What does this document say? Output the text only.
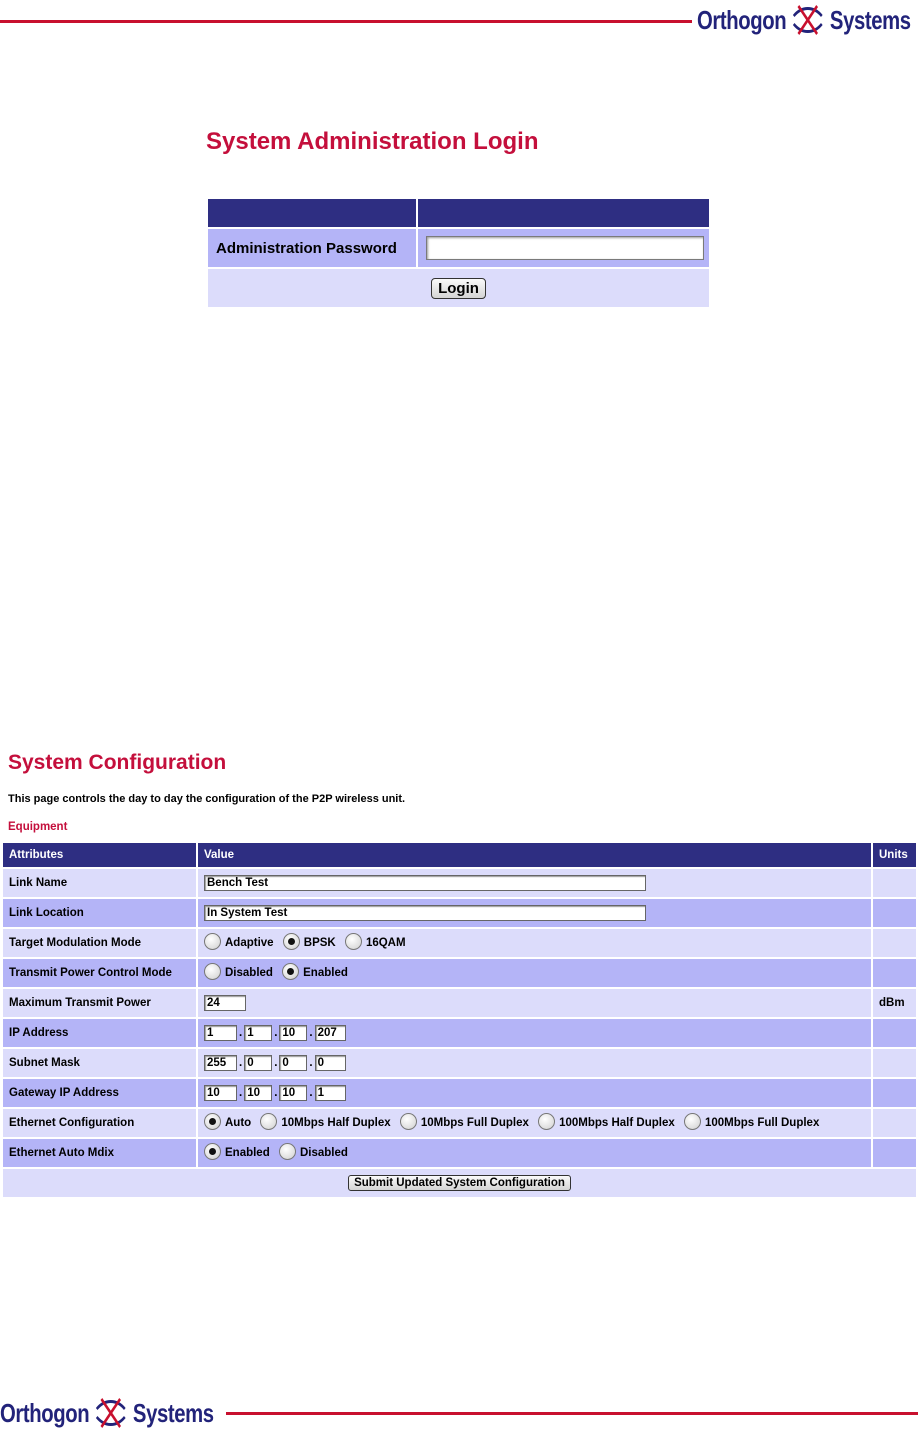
Orthogon Systems
System Administration Login

Administration Password	
Login	
System Configuration
This page controls the day to day the configuration of the P2P wireless unit.
Equipment
Attributes	Value	Units
Link Name	Bench Test	
Link Location	In System Test	
Target Modulation Mode	Adaptive BPSK 16QAM	
Transmit Power Control Mode	Disabled Enabled	
Maximum Transmit Power	24	dBm
IP Address	1.1 .10 .207	
Subnet Mask	255.0 .0 .0	
Gateway IP Address	10.10 .10 .1	
Ethernet Configuration	Auto 10Mbps Half Duplex 10Mbps Full Duplex 100Mbps Half Duplex 100Mbps Full Duplex	
Ethernet Auto Mdix	Enabled Disabled	
Submit Updated System Configuration		
Orthogon Systems
